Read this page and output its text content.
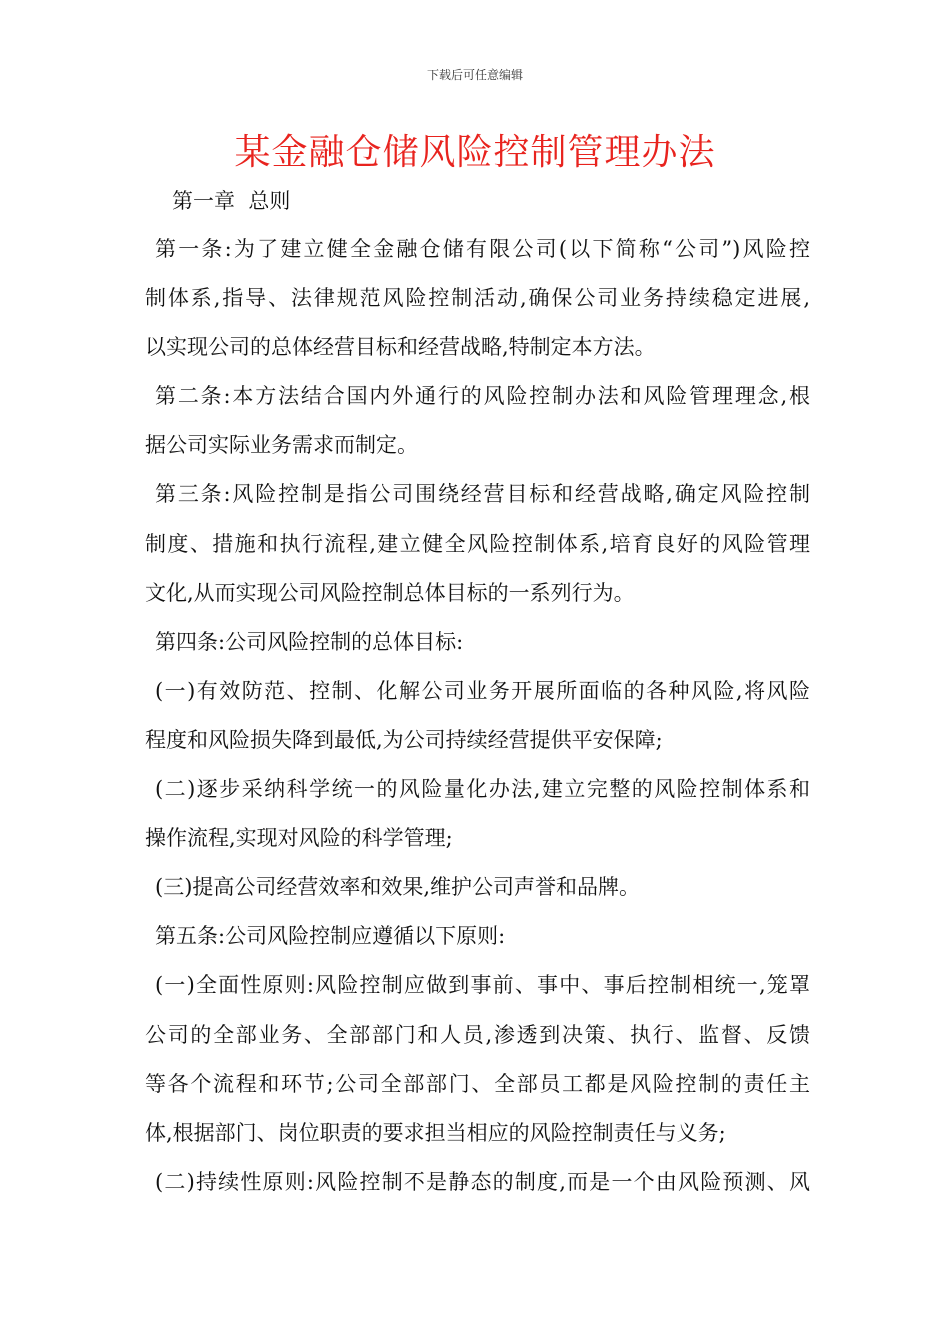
下载后可任意编辑
某金融仓储风险控制管理办法
第一章  总则
第一条:为了建立健全金融仓储有限公司(以下简称“公司”)风险控
制体系,指导、法律规范风险控制活动,确保公司业务持续稳定进展,
以实现公司的总体经营目标和经营战略,特制定本方法。
第二条:本方法结合国内外通行的风险控制办法和风险管理理念,根
据公司实际业务需求而制定。
第三条:风险控制是指公司围绕经营目标和经营战略,确定风险控制
制度、措施和执行流程,建立健全风险控制体系,培育良好的风险管理
文化,从而实现公司风险控制总体目标的一系列行为。
第四条:公司风险控制的总体目标:
(一)有效防范、控制、化解公司业务开展所面临的各种风险,将风险
程度和风险损失降到最低,为公司持续经营提供平安保障;
(二)逐步采纳科学统一的风险量化办法,建立完整的风险控制体系和
操作流程,实现对风险的科学管理;
(三)提高公司经营效率和效果,维护公司声誉和品牌。
第五条:公司风险控制应遵循以下原则:
(一)全面性原则:风险控制应做到事前、事中、事后控制相统一,笼罩
公司的全部业务、全部部门和人员,渗透到决策、执行、监督、反馈
等各个流程和环节;公司全部部门、全部员工都是风险控制的责任主
体,根据部门、岗位职责的要求担当相应的风险控制责任与义务;
(二)持续性原则:风险控制不是静态的制度,而是一个由风险预测、风
